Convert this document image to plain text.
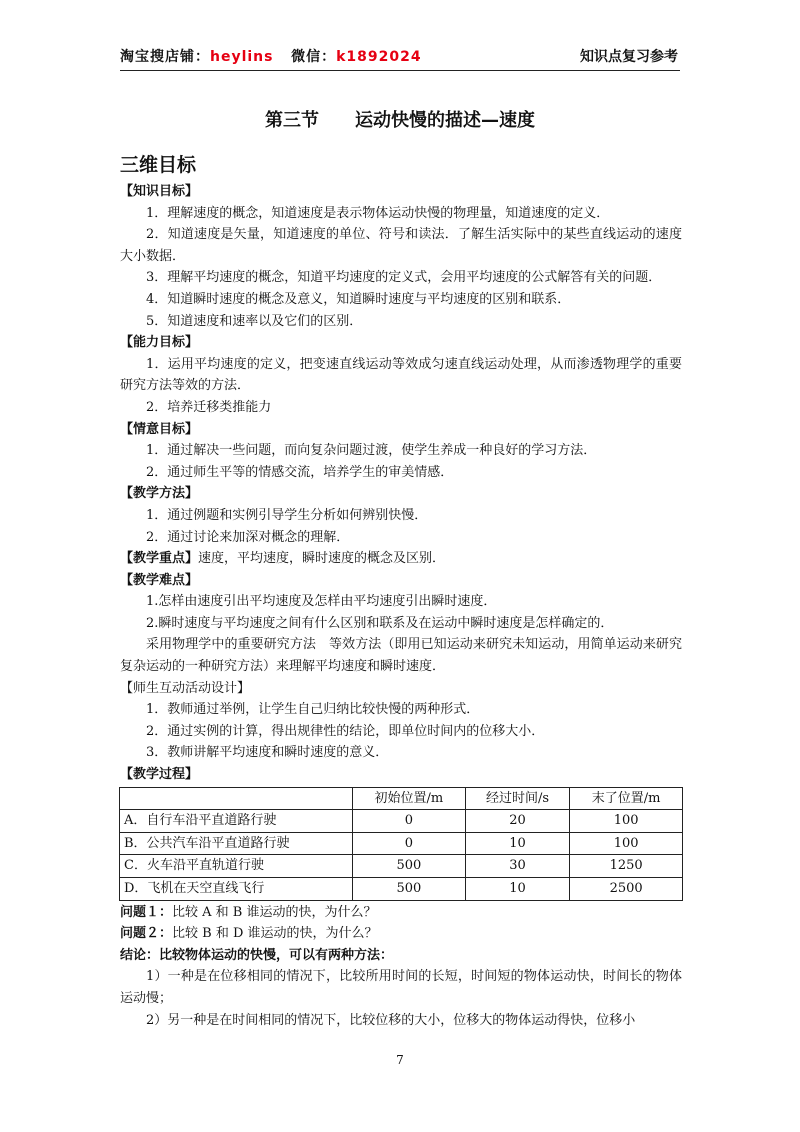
淘宝搜店铺：heylins 微信：k1892024	知识点复习参考
第三节　　运动快慢的描述—速度
三维目标

【知识目标】

1．理解速度的概念，知道速度是表示物体运动快慢的物理量，知道速度的定义．

2．知道速度是矢量，知道速度的单位、符号和读法．了解生活实际中的某些直线运动的速度大小数据．

3．理解平均速度的概念，知道平均速度的定义式，会用平均速度的公式解答有关的问题．

4．知道瞬时速度的概念及意义，知道瞬时速度与平均速度的区别和联系．

5．知道速度和速率以及它们的区别．

【能力目标】

1．运用平均速度的定义，把变速直线运动等效成匀速直线运动处理，从而渗透物理学的重要研究方法等效的方法．

2．培养迁移类推能力

【情意目标】

1．通过解决一些问题，而向复杂问题过渡，使学生养成一种良好的学习方法．

2．通过师生平等的情感交流，培养学生的审美情感．

【教学方法】

1．通过例题和实例引导学生分析如何辨别快慢．

2．通过讨论来加深对概念的理解．

【教学重点】速度，平均速度，瞬时速度的概念及区别．

【教学难点】

1.怎样由速度引出平均速度及怎样由平均速度引出瞬时速度．

2.瞬时速度与平均速度之间有什么区别和联系及在运动中瞬时速度是怎样确定的．

采用物理学中的重要研究方法　等效方法（即用已知运动来研究未知运动，用简单运动来研究复杂运动的一种研究方法）来理解平均速度和瞬时速度．

【师生互动活动设计】

1．教师通过举例，让学生自己归纳比较快慢的两种形式．

2．通过实例的计算，得出规律性的结论，即单位时间内的位移大小．

3．教师讲解平均速度和瞬时速度的意义．

【教学过程】

	初始位置/m	经过时间/s	末了位置/m
A．自行车沿平直道路行驶	0	20	100
B．公共汽车沿平直道路行驶	0	10	100
C．火车沿平直轨道行驶	500	30	1250
D．飞机在天空直线飞行	500	10	2500

问题１：比较 A 和 B 谁运动的快，为什么？

问题２：比较 B 和 D 谁运动的快，为什么？

结论：比较物体运动的快慢，可以有两种方法：

1）一种是在位移相同的情况下，比较所用时间的长短，时间短的物体运动快，时间长的物体运动慢；

2）另一种是在时间相同的情况下，比较位移的大小，位移大的物体运动得快，位移小

7
